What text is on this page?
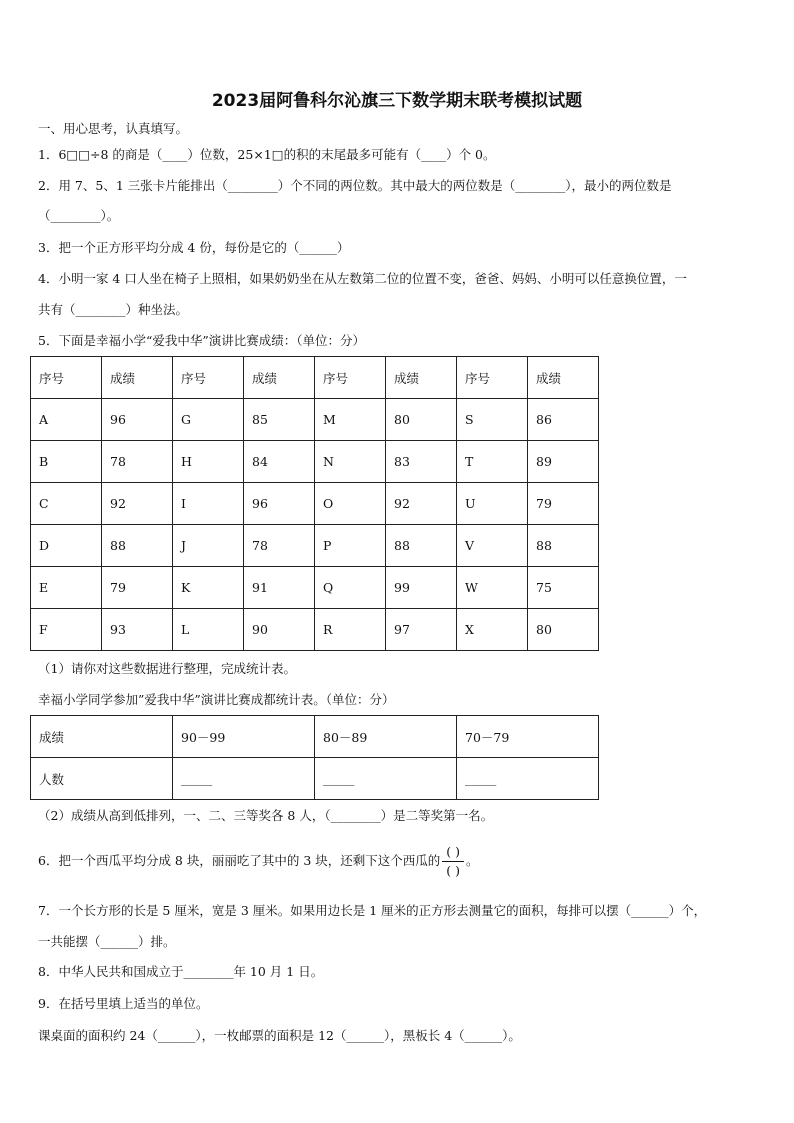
2023届阿鲁科尔沁旗三下数学期末联考模拟试题
一、用心思考，认真填写。
1．6□□÷8 的商是（____）位数，25×1□的积的末尾最多可能有（____）个 0。
2．用 7、5、1 三张卡片能排出（________）个不同的两位数。其中最大的两位数是（________），最小的两位数是
（________）。
3．把一个正方形平均分成 4 份，每份是它的（______）
4．小明一家 4 口人坐在椅子上照相，如果奶奶坐在从左数第二位的位置不变，爸爸、妈妈、小明可以任意换位置，一
共有（________）种坐法。
5．下面是幸福小学“爱我中华”演讲比赛成绩：（单位：分）
序号	成绩	序号	成绩	序号	成绩	序号	成绩
A	96	G	85	M	80	S	86
B	78	H	84	N	83	T	89
C	92	I	96	O	92	U	79
D	88	J	78	P	88	V	88
E	79	K	91	Q	99	W	75
F	93	L	90	R	97	X	80
（1）请你对这些数据进行整理，完成统计表。
幸福小学同学参加”爱我中华”演讲比赛成都统计表。（单位：分）
成绩	90－99	80－89	70－79
人数	_____	_____	_____
（2）成绩从高到低排列，一、二、三等奖各 8 人，（________）是二等奖第一名。
6．把一个西瓜平均分成 8 块，丽丽吃了其中的 3 块，还剩下这个西瓜的 $\frac{( )}{( )}$ 。
7．一个长方形的长是 5 厘米，宽是 3 厘米。如果用边长是 1 厘米的正方形去测量它的面积，每排可以摆（______）个，
一共能摆（______）排。
8．中华人民共和国成立于________年 10 月 1 日。
9．在括号里填上适当的单位。
课桌面的面积约 24（______），一枚邮票的面积是 12（______），黑板长 4（______）。
